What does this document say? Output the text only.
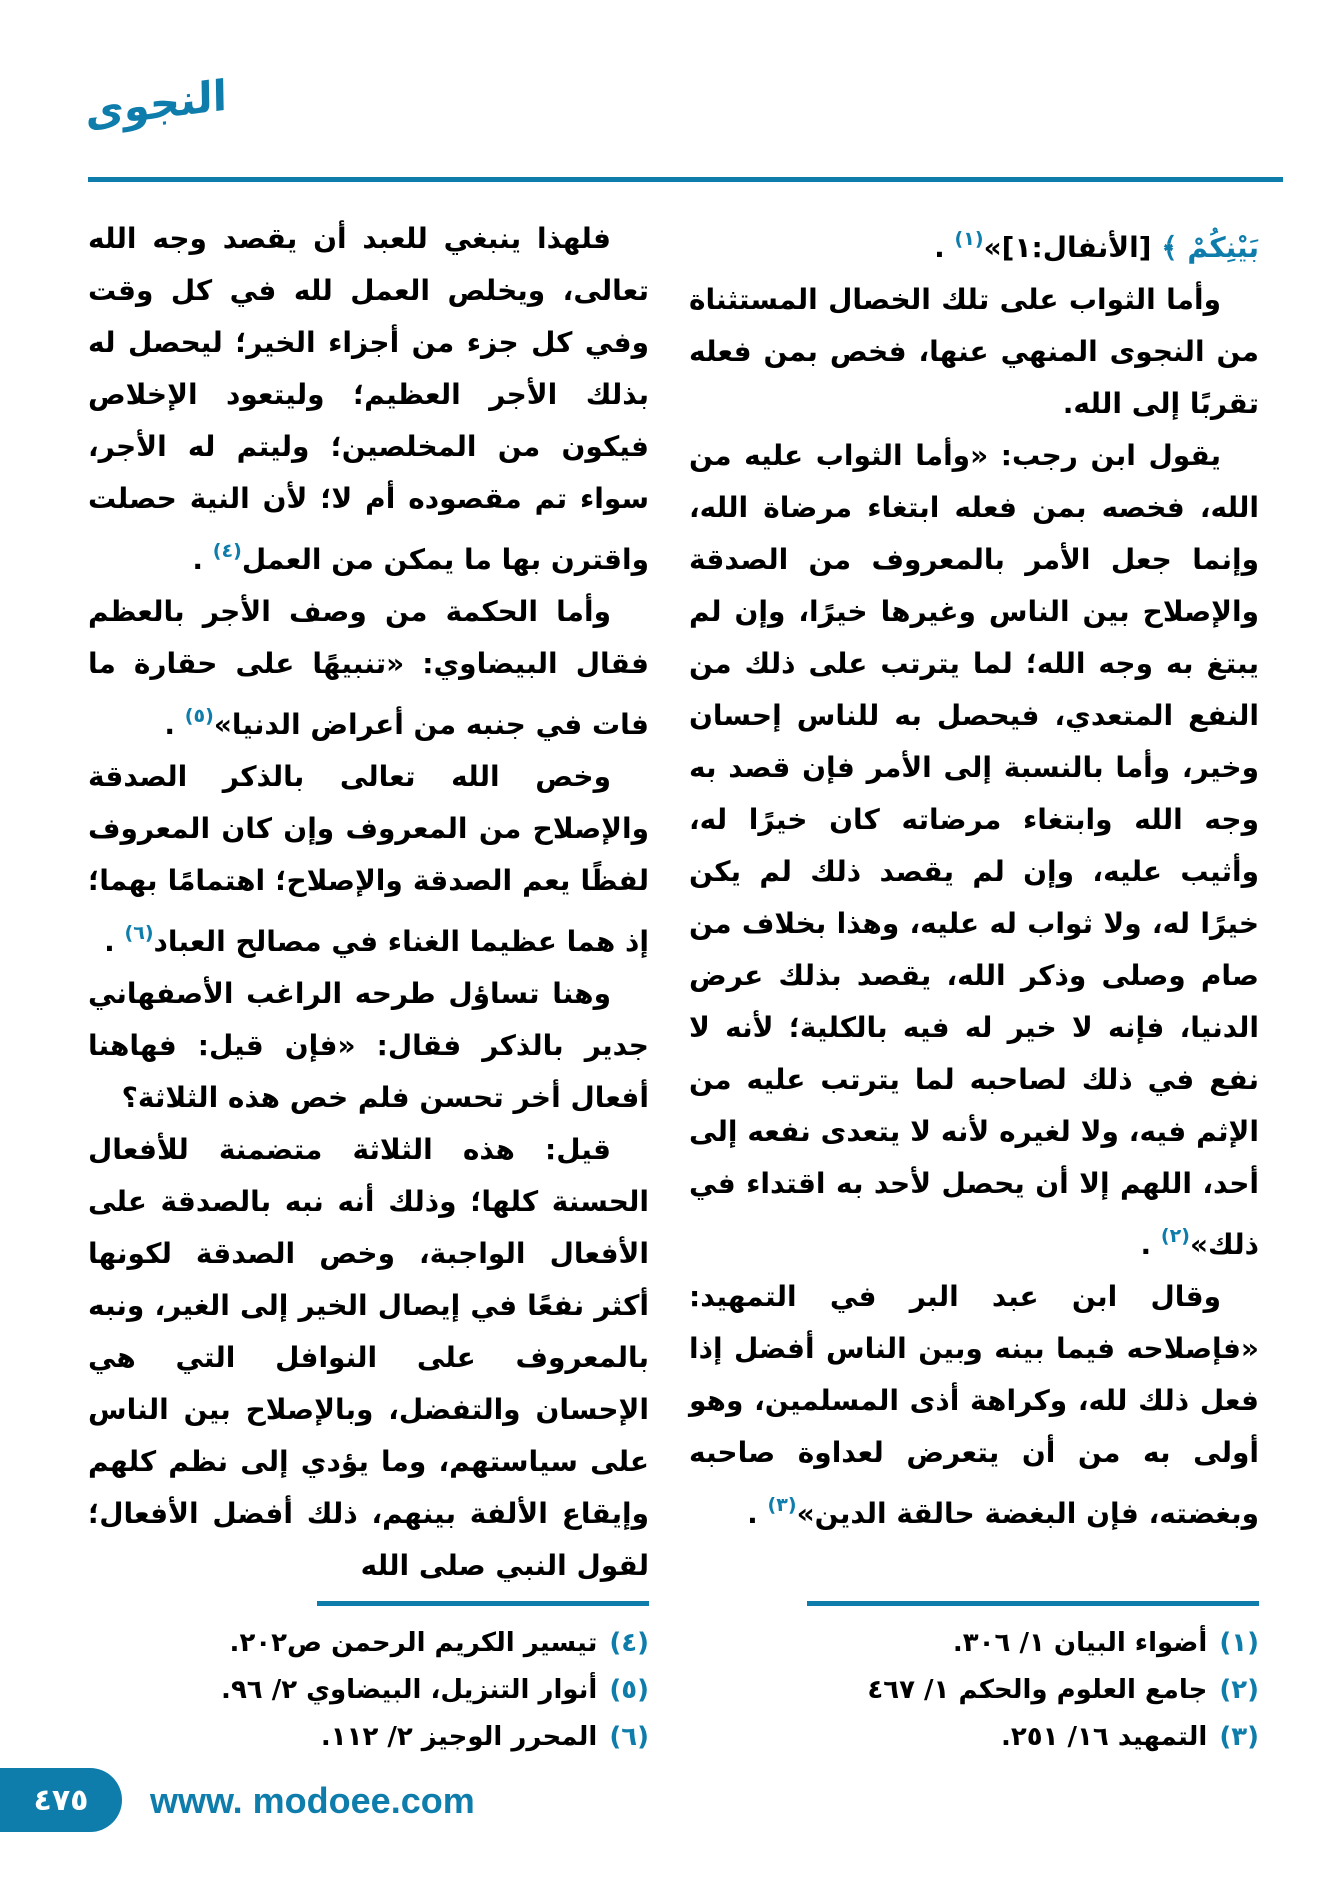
النجوى

بَيْنِكُمْ ﴾ [الأنفال:١]»$^{(١)}$ .

وأما الثواب على تلك الخصال المستثناة من النجوى المنهي عنها، فخص بمن فعله تقربًا إلى الله.

يقول ابن رجب: «وأما الثواب عليه من الله، فخصه بمن فعله ابتغاء مرضاة الله، وإنما جعل الأمر بالمعروف من الصدقة والإصلاح بين الناس وغيرها خيرًا، وإن لم يبتغ به وجه الله؛ لما يترتب على ذلك من النفع المتعدي، فيحصل به للناس إحسان وخير، وأما بالنسبة إلى الأمر فإن قصد به وجه الله وابتغاء مرضاته كان خيرًا له، وأثيب عليه، وإن لم يقصد ذلك لم يكن خيرًا له، ولا ثواب له عليه، وهذا بخلاف من صام وصلى وذكر الله، يقصد بذلك عرض الدنيا، فإنه لا خير له فيه بالكلية؛ لأنه لا نفع في ذلك لصاحبه لما يترتب عليه من الإثم فيه، ولا لغيره لأنه لا يتعدى نفعه إلى أحد، اللهم إلا أن يحصل لأحد به اقتداء في ذلك»$^{(٢)}$ .

وقال ابن عبد البر في التمهيد: «فإصلاحه فيما بينه وبين الناس أفضل إذا فعل ذلك لله، وكراهة أذى المسلمين، وهو أولى به من أن يتعرض لعداوة صاحبه وبغضته، فإن البغضة حالقة الدين»$^{(٣)}$ .

(١)
أضواء البيان ١/ ٣٠٦.
(٢)
جامع العلوم والحكم ١/ ٤٦٧
(٣)
التمهيد ١٦/ ٢٥١.

فلهذا ينبغي للعبد أن يقصد وجه الله تعالى، ويخلص العمل لله في كل وقت وفي كل جزء من أجزاء الخير؛ ليحصل له بذلك الأجر العظيم؛ وليتعود الإخلاص فيكون من المخلصين؛ وليتم له الأجر، سواء تم مقصوده أم لا؛ لأن النية حصلت واقترن بها ما يمكن من العمل$^{(٤)}$ .

وأما الحكمة من وصف الأجر بالعظم فقال البيضاوي: «تنبيهًا على حقارة ما فات في جنبه من أعراض الدنيا»$^{(٥)}$ .

وخص الله تعالى بالذكر الصدقة والإصلاح من المعروف وإن كان المعروف لفظًا يعم الصدقة والإصلاح؛ اهتمامًا بهما؛ إذ هما عظيما الغناء في مصالح العباد$^{(٦)}$ .

وهنا تساؤل طرحه الراغب الأصفهاني جدير بالذكر فقال: «فإن قيل: فهاهنا أفعال أخر تحسن فلم خص هذه الثلاثة؟

قيل: هذه الثلاثة متضمنة للأفعال الحسنة كلها؛ وذلك أنه نبه بالصدقة على الأفعال الواجبة، وخص الصدقة لكونها أكثر نفعًا في إيصال الخير إلى الغير، ونبه بالمعروف على النوافل التي هي الإحسان والتفضل، وبالإصلاح بين الناس على سياستهم، وما يؤدي إلى نظم كلهم وإيقاع الألفة بينهم، ذلك أفضل الأفعال؛ لقول النبي صلى الله

(٤)
تيسير الكريم الرحمن ص٢٠٢.
(٥)
أنوار التنزيل، البيضاوي ٢/ ٩٦.
(٦)
المحرر الوجيز ٢/ ١١٢.
٤٧٥ www. modoee.com
